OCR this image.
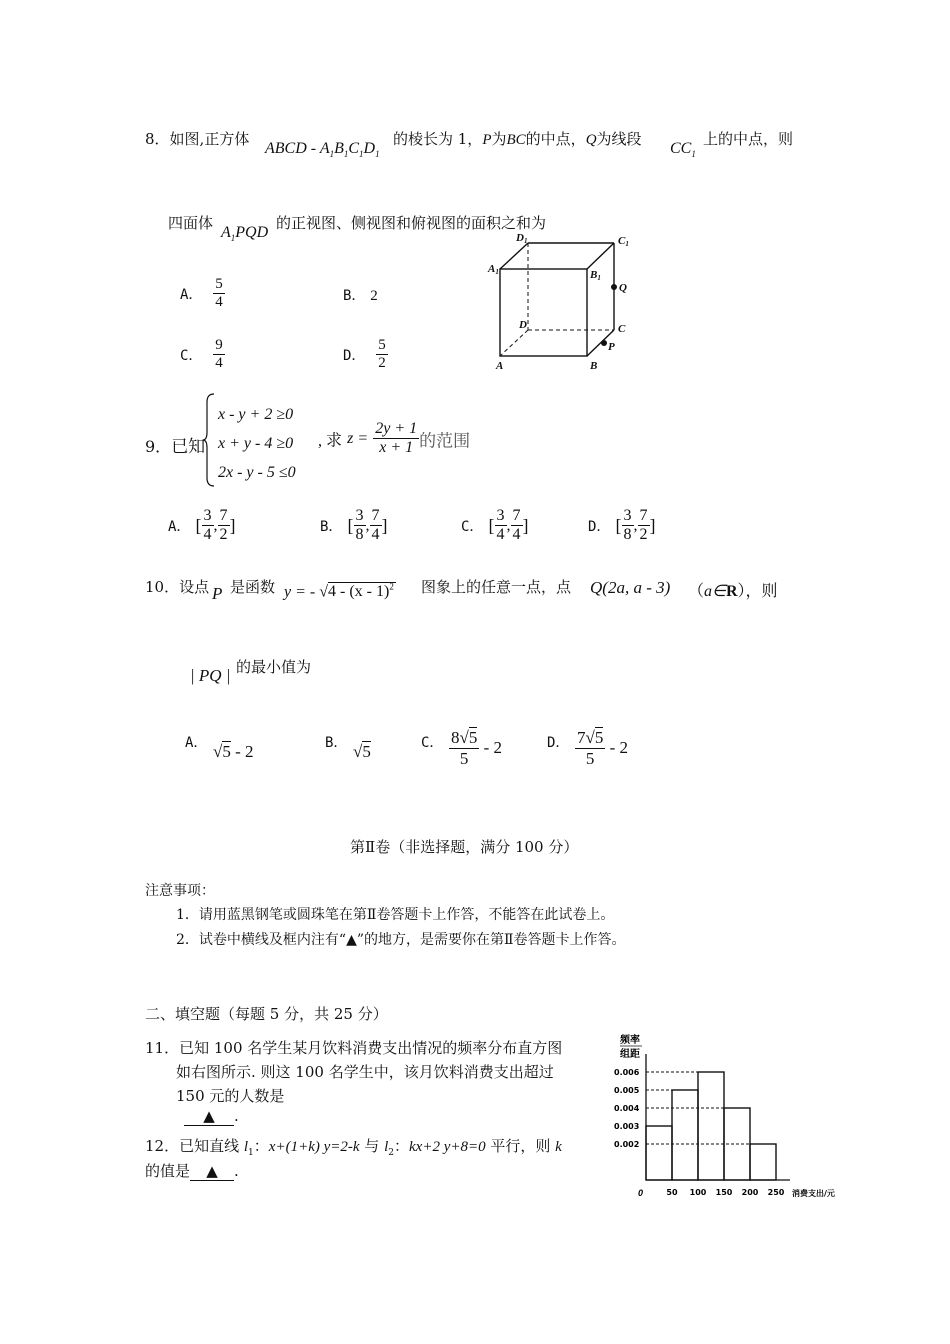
8．如图,正方体
ABCD - $A_1B_1C_1D_1$
的棱长为 1，P为BC的中点，Q为线段
$CC_1$
上的中点，则
四面体
$A_1PQD$
的正视图、侧视图和俯视图的面积之和为
A． $\frac{5}{4}$	B． 2
C． $\frac{9}{4}$	D． $\frac{5}{2}$
D1	C1
A1	B1
Q
D	C
P
A	B
9．已知
x - y + 2 ≥0
x + y - 4 ≥0
2x - y - 5 ≤0
, 求 $z = \frac{2y + 1}{x + 1}$ 的范围
A． [ $\frac{3}{4}$ , $\frac{7}{2}$ ]	B． [ $\frac{3}{8}$ , $\frac{7}{4}$ ]	C． [ $\frac{3}{4}$ , $\frac{7}{4}$ ]	D． [ $\frac{3}{8}$ , $\frac{7}{2}$ ]
10．设点 P 是函数 y = - √4 - (x - 1)$^2$ 图象上的任意一点，点 Q(2a, a - 3) （a∈R），则
| PQ | 的最小值为
A． √5 - 2	B． √5	C． $\frac{8√5}{5} - 2$	D． $\frac{7√5}{5} - 2$
第Ⅱ卷（非选择题，满分 100 分）
注意事项：
1．请用蓝黑钢笔或圆珠笔在第Ⅱ卷答题卡上作答，不能答在此试卷上。
2．试卷中横线及框内注有“▲”的地方，是需要你在第Ⅱ卷答题卡上作答。
二、填空题（每题 5 分，共 25 分）
11．已知 100 名学生某月饮料消费支出情况的频率分布直方图
如右图所示. 则这 100 名学生中，该月饮料消费支出超过
150 元的人数是
▲ .
12．已知直线 $l_1$：x+(1+k) y=2-k 与 $l_2$：kx+2 y+8=0 平行，则 k
的值是 ▲ .
频率
组距
0	消费支出/元
0.006
0.005
0.004
0.003
0.002
50 100 150 200 250
